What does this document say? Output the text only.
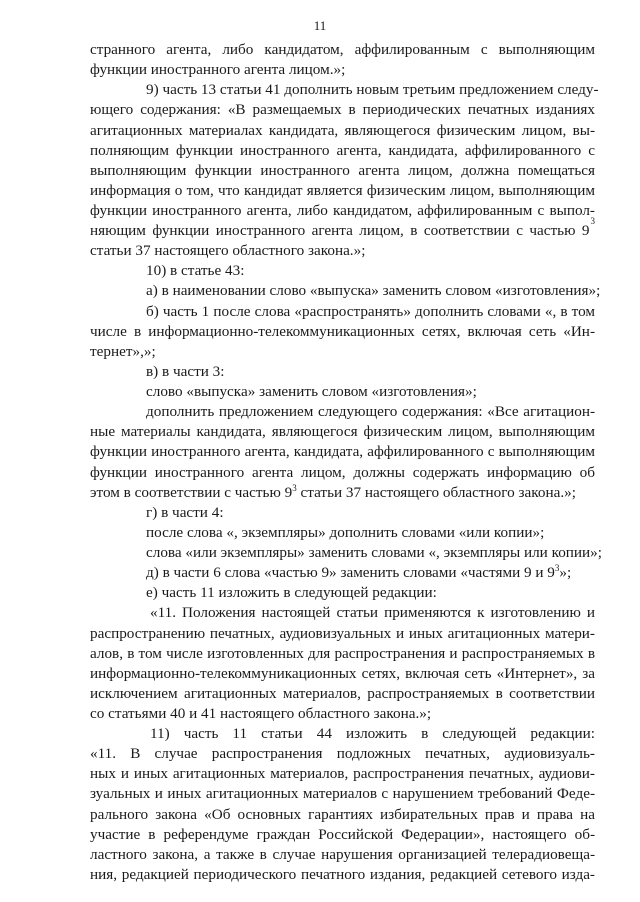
11
странного агента, либо кандидатом, аффилированным с выполняющим
функции иностранного агента лицом.»;
9) часть 13 статьи 41 дополнить новым третьим предложением следу-
ющего содержания: «В размещаемых в периодических печатных изданиях
агитационных материалах кандидата, являющегося физическим лицом, вы-
полняющим функции иностранного агента, кандидата, аффилированного с
выполняющим функции иностранного агента лицом, должна помещаться
информация о том, что кандидат является физическим лицом, выполняющим
функции иностранного агента, либо кандидатом, аффилированным с выпол-
няющим функции иностранного агента лицом, в соответствии с частью 9
3
статьи 37 настоящего областного закона.»;
10) в статье 43:
а) в наименовании слово «выпуска» заменить словом «изготовления»;
б) часть 1 после слова «распространять» дополнить словами «, в том
числе в информационно-телекоммуникационных сетях, включая сеть «Ин-
тернет»,»;
в) в части 3:
слово «выпуска» заменить словом «изготовления»;
дополнить предложением следующего содержания: «Все агитацион-
ные материалы кандидата, являющегося физическим лицом, выполняющим
функции иностранного агента, кандидата, аффилированного с выполняющим
функции иностранного агента лицом, должны содержать информацию об
этом в соответствии с частью $9^3$ статьи 37 настоящего областного закона.»;
г) в части 4:
после слова «, экземпляры» дополнить словами «или копии»;
слова «или экземпляры» заменить словами «, экземпляры или копии»;
д) в части 6 слова «частью 9» заменить словами «частями 9 и $9^3$»;
е) часть 11 изложить в следующей редакции:
«11. Положения настоящей статьи применяются к изготовлению и
распространению печатных, аудиовизуальных и иных агитационных матери-
алов, в том числе изготовленных для распространения и распространяемых в
информационно-телекоммуникационных сетях, включая сеть «Интернет», за
исключением агитационных материалов, распространяемых в соответствии
со статьями 40 и 41 настоящего областного закона.»;
11) часть 11 статьи 44 изложить в следующей редакции:
«11. В случае распространения подложных печатных, аудиовизуаль-
ных и иных агитационных материалов, распространения печатных, аудиови-
зуальных и иных агитационных материалов с нарушением требований Феде-
рального закона «Об основных гарантиях избирательных прав и права на
участие в референдуме граждан Российской Федерации», настоящего об-
ластного закона, а также в случае нарушения организацией телерадиовеща-
ния, редакцией периодического печатного издания, редакцией сетевого изда-
